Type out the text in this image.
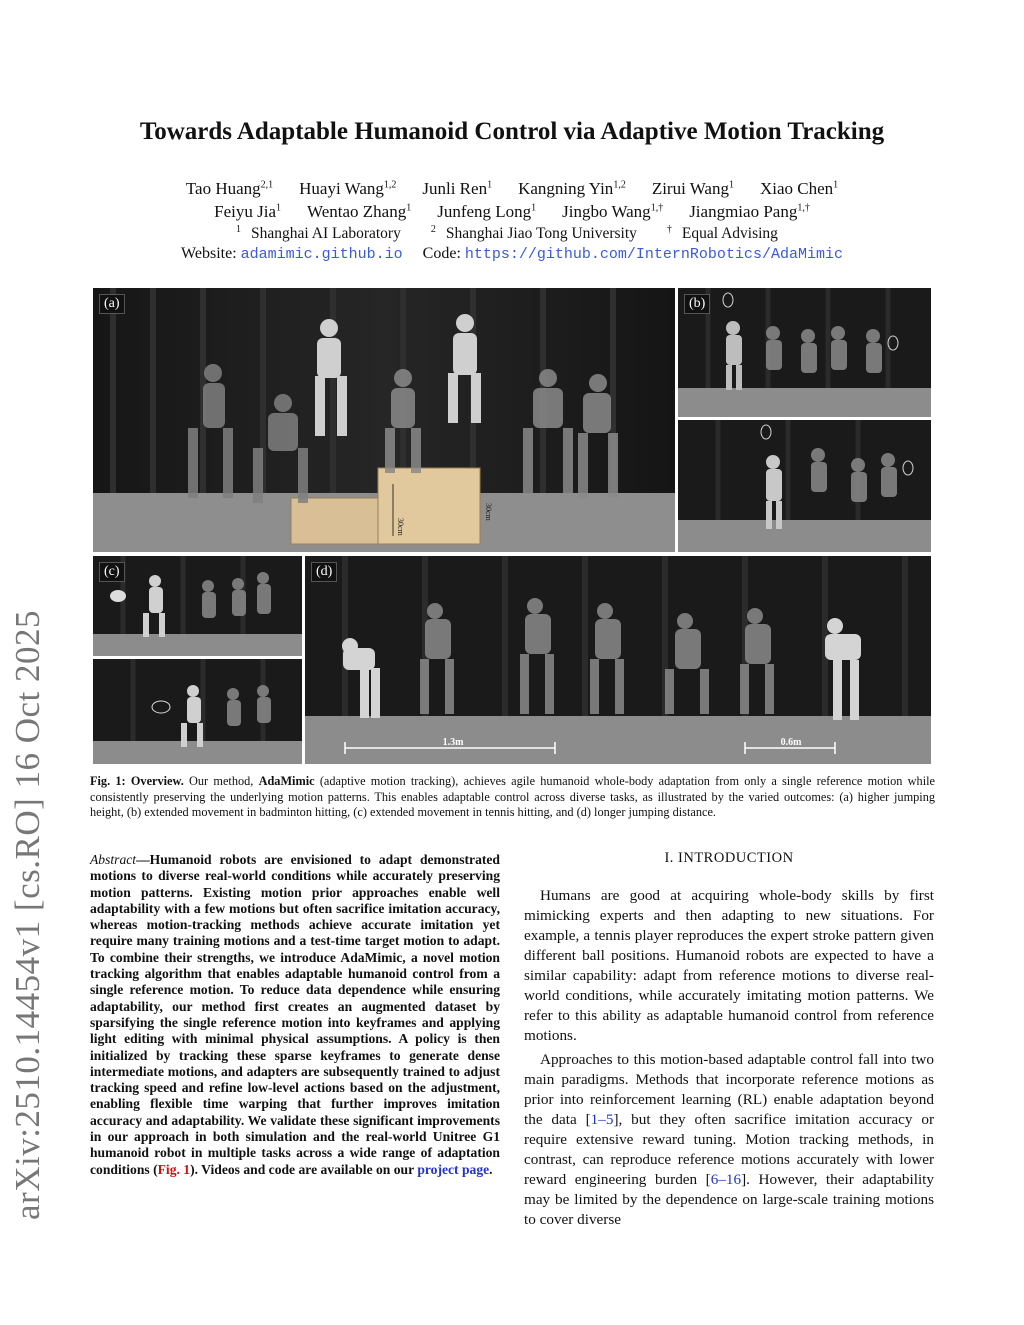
arXiv:2510.14454v1 [cs.RO] 16 Oct 2025
Towards Adaptable Humanoid Control via Adaptive Motion Tracking
Tao Huang$^{2,1}$ Huayi Wang$^{1,2}$ Junli Ren$^1$ Kangning Yin$^{1,2}$ Zirui Wang$^1$ Xiao Chen$^1$
Feiyu Jia$^1$ Wentao Zhang$^1$ Junfeng Long$^1$ Jingbo Wang$^{1,\dagger}$ Jiangmiao Pang$^{1,\dagger}$
$^1$ Shanghai AI Laboratory	$^2$ Shanghai Jiao Tong University	† Equal Advising
Website: adamimic.github.io Code: https://github.com/InternRobotics/AdaMimic
30cm
30cm
(a)	(b)
(c)
1.3m	0.6m
(d)
Fig. 1: Overview. Our method, AdaMimic (adaptive motion tracking), achieves agile humanoid whole-body adaptation from only a single reference motion while consistently preserving the underlying motion patterns. This enables adaptable control across diverse tasks, as illustrated by the varied outcomes: (a) higher jumping height, (b) extended movement in badminton hitting, (c) extended movement in tennis hitting, and (d) longer jumping distance.
Abstract—Humanoid robots are envisioned to adapt demonstrated motions to diverse real-world conditions while accurately preserving motion patterns. Existing motion prior approaches enable well adaptability with a few motions but often sacrifice imitation accuracy, whereas motion-tracking methods achieve accurate imitation yet require many training motions and a test-time target motion to adapt. To combine their strengths, we introduce AdaMimic, a novel motion tracking algorithm that enables adaptable humanoid control from a single reference motion. To reduce data dependence while ensuring adaptability, our method first creates an augmented dataset by sparsifying the single reference motion into keyframes and applying light editing with minimal physical assumptions. A policy is then initialized by tracking these sparse keyframes to generate dense intermediate motions, and adapters are subsequently trained to adjust tracking speed and refine low-level actions based on the adjustment, enabling flexible time warping that further improves imitation accuracy and adaptability. We validate these significant improvements in our approach in both simulation and the real-world Unitree G1 humanoid robot in multiple tasks across a wide range of adaptation conditions (Fig. 1). Videos and code are available on our project page.
I. INTRODUCTION

Humans are good at acquiring whole-body skills by first mimicking experts and then adapting to new situations. For example, a tennis player reproduces the expert stroke pattern given different ball positions. Humanoid robots are expected to have a similar capability: adapt from reference motions to diverse real-world conditions, while accurately imitating motion patterns. We refer to this ability as adaptable humanoid control from reference motions.

Approaches to this motion-based adaptable control fall into two main paradigms. Methods that incorporate reference motions as prior into reinforcement learning (RL) enable adaptation beyond the data [1–5], but they often sacrifice imitation accuracy or require extensive reward tuning. Motion tracking methods, in contrast, can reproduce reference motions accurately with lower reward engineering burden [6–16]. However, their adaptability may be limited by the dependence on large-scale training motions to cover diverse
